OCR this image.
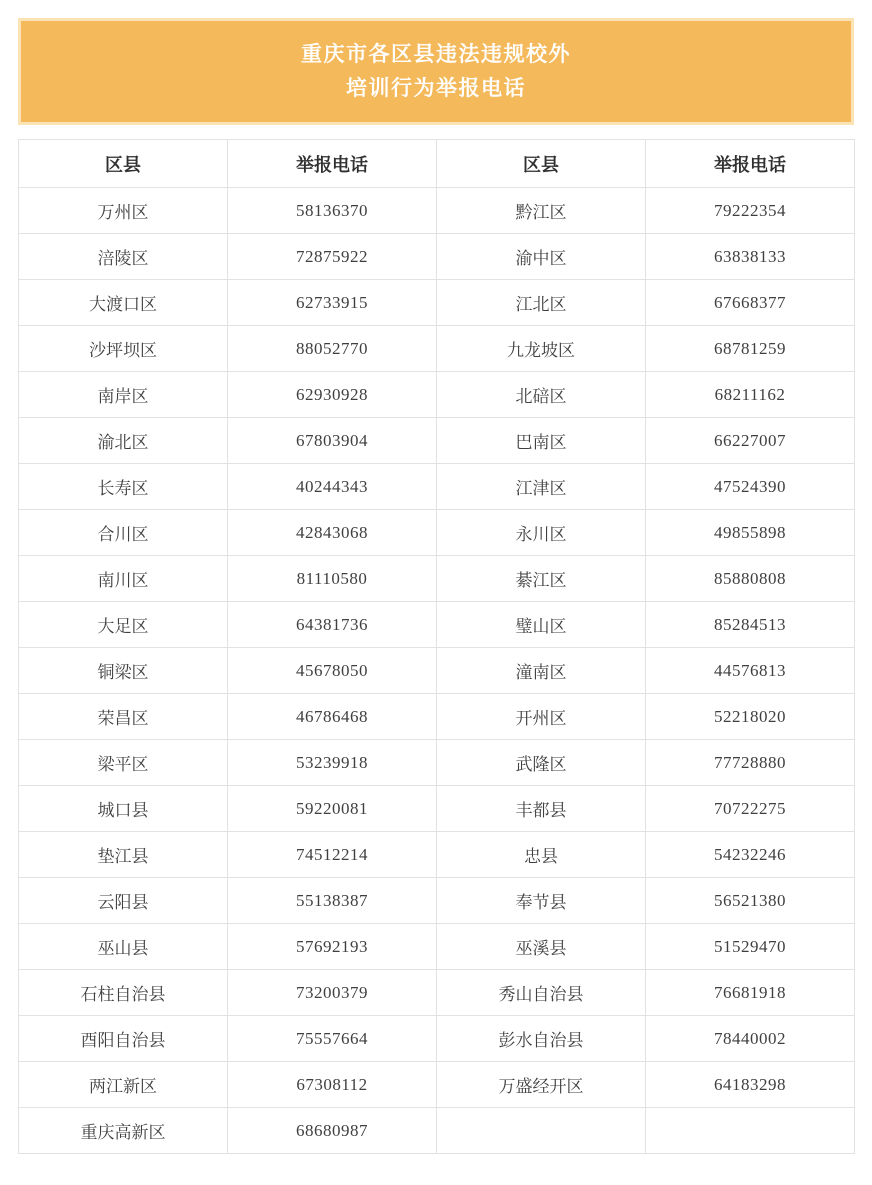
重庆市各区县违法违规校外
培训行为举报电话
区县	举报电话	区县	举报电话
万州区	58136370	黔江区	79222354
涪陵区	72875922	渝中区	63838133
大渡口区	62733915	江北区	67668377
沙坪坝区	88052770	九龙坡区	68781259
南岸区	62930928	北碚区	68211162
渝北区	67803904	巴南区	66227007
长寿区	40244343	江津区	47524390
合川区	42843068	永川区	49855898
南川区	81110580	綦江区	85880808
大足区	64381736	璧山区	85284513
铜梁区	45678050	潼南区	44576813
荣昌区	46786468	开州区	52218020
梁平区	53239918	武隆区	77728880
城口县	59220081	丰都县	70722275
垫江县	74512214	忠县	54232246
云阳县	55138387	奉节县	56521380
巫山县	57692193	巫溪县	51529470
石柱自治县	73200379	秀山自治县	76681918
酉阳自治县	75557664	彭水自治县	78440002
两江新区	67308112	万盛经开区	64183298
重庆高新区	68680987		
